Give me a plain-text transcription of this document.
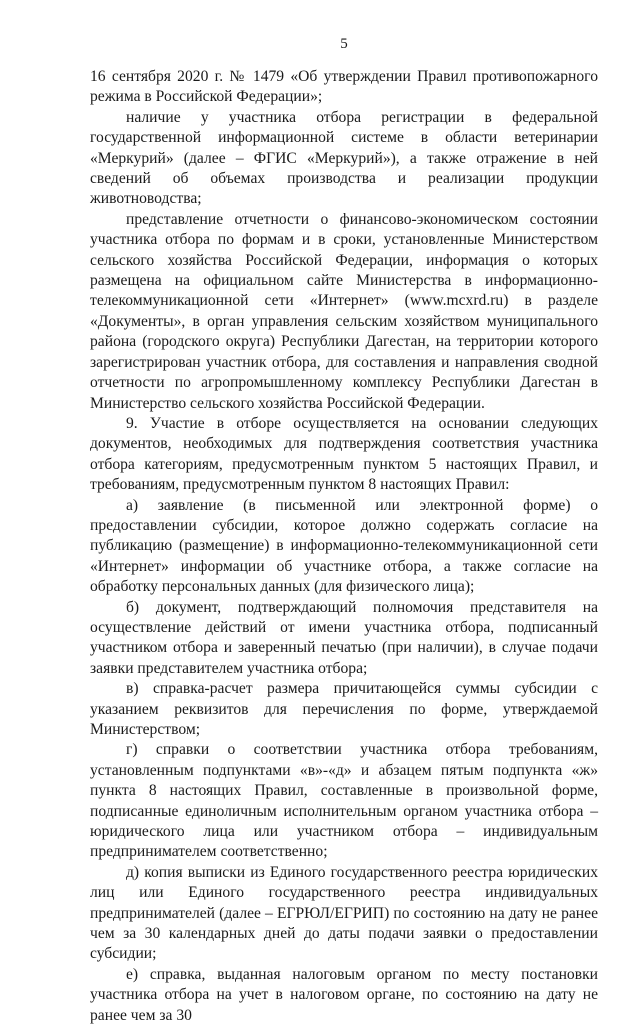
5

16 сентября 2020 г. № 1479 «Об утверждении Правил противопожарного режима в Российской Федерации»;

наличие у участника отбора регистрации в федеральной государственной информационной системе в области ветеринарии «Меркурий» (далее – ФГИС «Меркурий»), а также отражение в ней сведений об объемах производства и реализации продукции животноводства;

представление отчетности о финансово-экономическом состоянии участника отбора по формам и в сроки, установленные Министерством сельского хозяйства Российской Федерации, информация о которых размещена на официальном сайте Министерства в информационно-телекоммуникационной сети «Интернет» (www.mcxrd.ru) в разделе «Документы», в орган управления сельским хозяйством муниципального района (городского округа) Республики Дагестан, на территории которого зарегистрирован участник отбора, для составления и направления сводной отчетности по агропромышленному комплексу Республики Дагестан в Министерство сельского хозяйства Российской Федерации.

9. Участие в отборе осуществляется на основании следующих документов, необходимых для подтверждения соответствия участника отбора категориям, предусмотренным пунктом 5 настоящих Правил, и требованиям, предусмотренным пунктом 8 настоящих Правил:

а) заявление (в письменной или электронной форме) о предоставлении субсидии, которое должно содержать согласие на публикацию (размещение) в информационно-телекоммуникационной сети «Интернет» информации об участнике отбора, а также согласие на обработку персональных данных (для физического лица);

б) документ, подтверждающий полномочия представителя на осуществление действий от имени участника отбора, подписанный участником отбора и заверенный печатью (при наличии), в случае подачи заявки представителем участника отбора;

в) справка-расчет размера причитающейся суммы субсидии с указанием реквизитов для перечисления по форме, утверждаемой Министерством;

г) справки о соответствии участника отбора требованиям, установленным подпунктами «в»-«д» и абзацем пятым подпункта «ж» пункта 8 настоящих Правил, составленные в произвольной форме, подписанные единоличным исполнительным органом участника отбора – юридического лица или участником отбора – индивидуальным предпринимателем соответственно;

д) копия выписки из Единого государственного реестра юридических лиц или Единого государственного реестра индивидуальных предпринимателей (далее – ЕГРЮЛ/ЕГРИП) по состоянию на дату не ранее чем за 30 календарных дней до даты подачи заявки о предоставлении субсидии;

е) справка, выданная налоговым органом по месту постановки участника отбора на учет в налоговом органе, по состоянию на дату не ранее чем за 30
